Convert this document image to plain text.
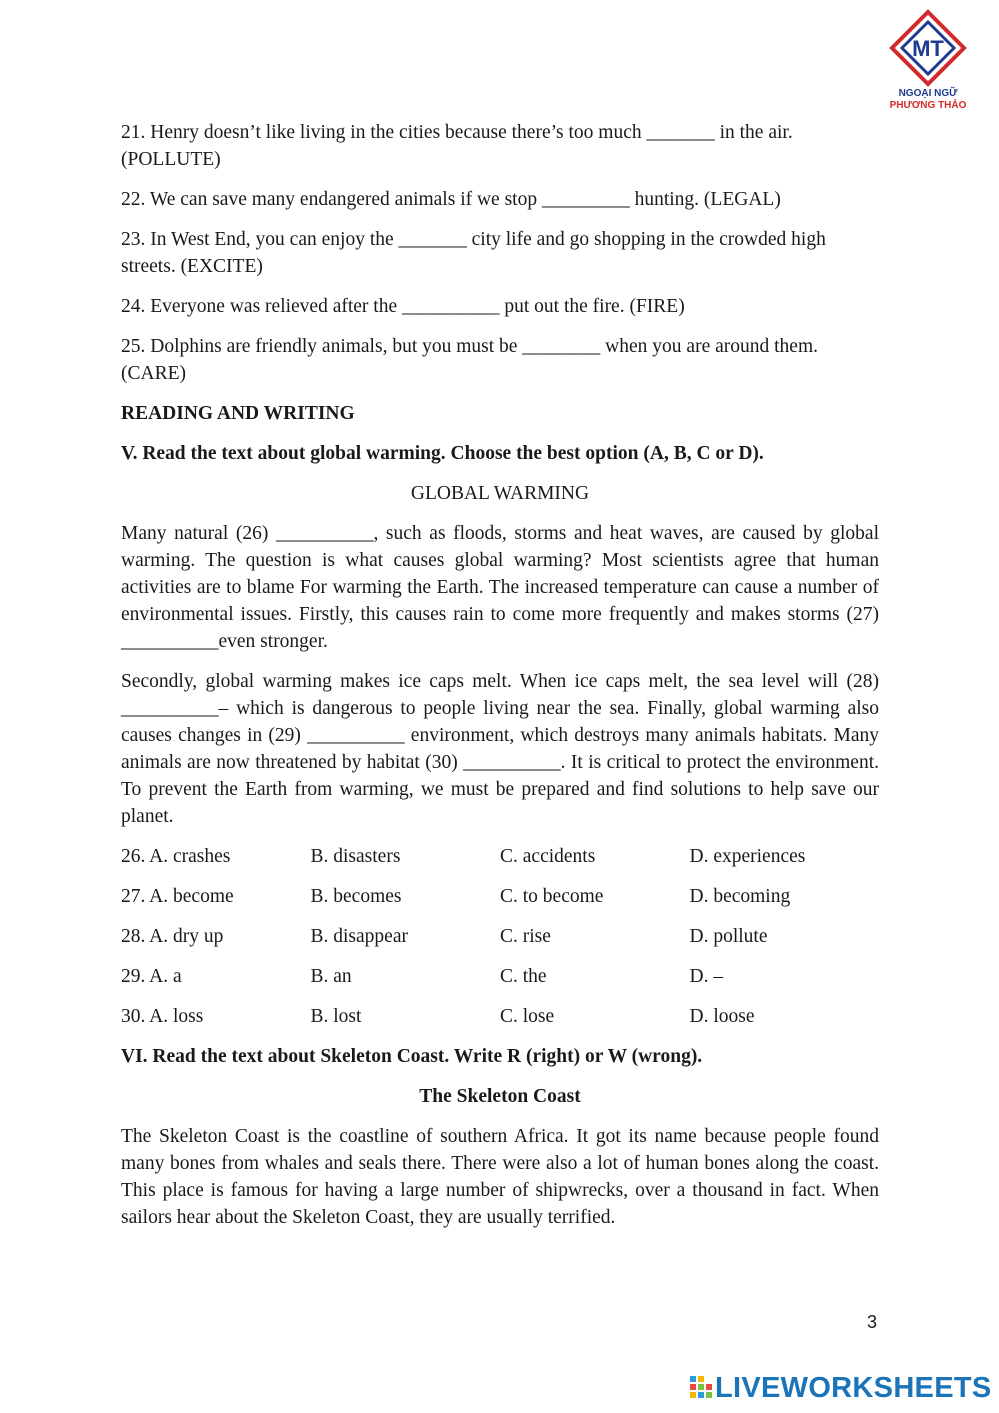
MT
NGOẠI NGỮ
PHƯƠNG THẢO

21. Henry doesn’t like living in the cities because there’s too much _______ in the air. (POLLUTE)

22. We can save many endangered animals if we stop _________ hunting. (LEGAL)

23. In West End, you can enjoy the _______ city life and go shopping in the crowded high streets. (EXCITE)

24. Everyone was relieved after the __________ put out the fire. (FIRE)

25. Dolphins are friendly animals, but you must be ________ when you are around them. (CARE)

READING AND WRITING

V. Read the text about global warming. Choose the best option (A, B, C or D).

GLOBAL WARMING

Many natural (26) __________, such as floods, storms and heat waves, are caused by global warming. The question is what causes global warming? Most scientists agree that human activities are to blame For warming the Earth. The increased temperature can cause a number of environmental issues. Firstly, this causes rain to come more frequently and makes storms (27) __________even stronger.

Secondly, global warming makes ice caps melt. When ice caps melt, the sea level will (28) __________– which is dangerous to people living near the sea. Finally, global warming also causes changes in (29) __________ environment, which destroys many animals habitats. Many animals are now threatened by habitat (30) __________. It is critical to protect the environment. To prevent the Earth from warming, we must be prepared and find solutions to help save our planet.

26. A. crashes	B. disasters	C. accidents	D. experiences
27. A. become	B. becomes	C. to become	D. becoming
28. A. dry up	B. disappear	C. rise	D. pollute
29. A. a	B. an	C. the	D. –
30. A. loss	B. lost	C. lose	D. loose

VI. Read the text about Skeleton Coast. Write R (right) or W (wrong).

The Skeleton Coast

The Skeleton Coast is the coastline of southern Africa. It got its name because people found many bones from whales and seals there. There were also a lot of human bones along the coast. This place is famous for having a large number of shipwrecks, over a thousand in fact. When sailors hear about the Skeleton Coast, they are usually terrified.

3
LIVEWORKSHEETS
